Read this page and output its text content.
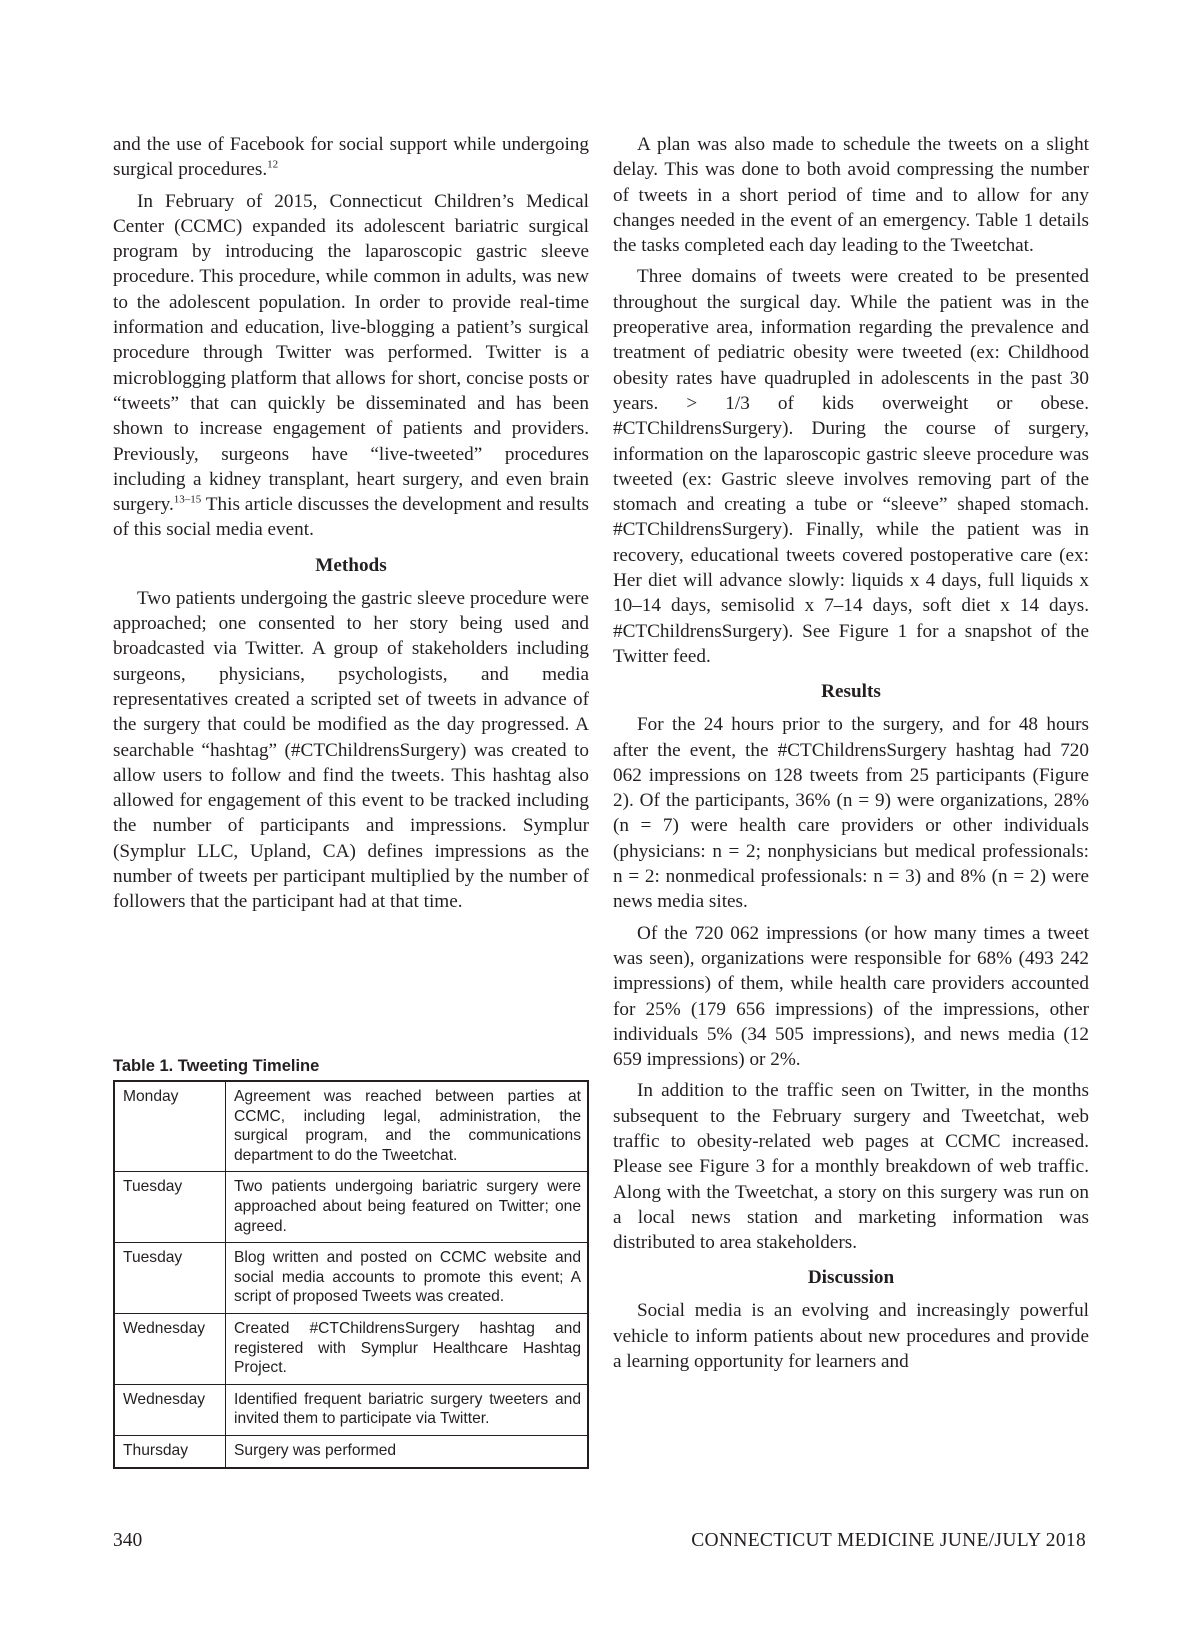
and the use of Facebook for social support while undergoing surgical procedures.$^{12}$

In February of 2015, Connecticut Children’s Medical Center (CCMC) expanded its adolescent bariatric surgical program by introducing the laparoscopic gastric sleeve procedure. This procedure, while common in adults, was new to the adolescent population. In order to provide real-time information and education, live-blogging a patient’s surgical procedure through Twitter was performed. Twitter is a microblogging platform that allows for short, concise posts or “tweets” that can quickly be disseminated and has been shown to increase engagement of patients and providers. Previously, surgeons have “live-tweeted” procedures including a kidney transplant, heart surgery, and even brain surgery.$^{13-15}$ This article discusses the development and results of this social media event.

Methods

Two patients undergoing the gastric sleeve procedure were approached; one consented to her story being used and broadcasted via Twitter. A group of stakeholders including surgeons, physicians, psychologists, and media representatives created a scripted set of tweets in advance of the surgery that could be modified as the day progressed. A searchable “hashtag” (#CTChildrensSurgery) was created to allow users to follow and find the tweets. This hashtag also allowed for engagement of this event to be tracked including the number of participants and impressions. Symplur (Symplur LLC, Upland, CA) defines impressions as the number of tweets per participant multiplied by the number of followers that the participant had at that time.

Table 1. Tweeting Timeline
Monday	Agreement was reached between parties at CCMC, including legal, administration, the surgical program, and the communications department to do the Tweetchat.
Tuesday	Two patients undergoing bariatric surgery were approached about being featured on Twitter; one agreed.
Tuesday	Blog written and posted on CCMC website and social media accounts to promote this event; A script of proposed Tweets was created.
Wednesday	Created #CTChildrensSurgery hashtag and registered with Symplur Healthcare Hashtag Project.
Wednesday	Identified frequent bariatric surgery tweeters and invited them to participate via Twitter.
Thursday	Surgery was performed

A plan was also made to schedule the tweets on a slight delay. This was done to both avoid compressing the number of tweets in a short period of time and to allow for any changes needed in the event of an emergency. Table 1 details the tasks completed each day leading to the Tweetchat.

Three domains of tweets were created to be presented throughout the surgical day. While the patient was in the preoperative area, information regarding the prevalence and treatment of pediatric obesity were tweeted (ex: Childhood obesity rates have quadrupled in adolescents in the past 30 years. > 1/3 of kids overweight or obese. #CTChildrensSurgery). During the course of surgery, information on the laparoscopic gastric sleeve procedure was tweeted (ex: Gastric sleeve involves removing part of the stomach and creating a tube or “sleeve” shaped stomach. #CTChildrensSurgery). Finally, while the patient was in recovery, educational tweets covered postoperative care (ex: Her diet will advance slowly: liquids x 4 days, full liquids x 10–14 days, semisolid x 7–14 days, soft diet x 14 days. #CTChildrensSurgery). See Figure 1 for a snapshot of the Twitter feed.

Results

For the 24 hours prior to the surgery, and for 48 hours after the event, the #CTChildrensSurgery hashtag had 720 062 impressions on 128 tweets from 25 participants (Figure 2). Of the participants, 36% (n = 9) were organizations, 28% (n = 7) were health care providers or other individuals (physicians: n = 2; nonphysicians but medical professionals: n = 2: nonmedical professionals: n = 3) and 8% (n = 2) were news media sites.

Of the 720 062 impressions (or how many times a tweet was seen), organizations were responsible for 68% (493 242 impressions) of them, while health care providers accounted for 25% (179 656 impressions) of the impressions, other individuals 5% (34 505 impressions), and news media (12 659 impressions) or 2%.

In addition to the traffic seen on Twitter, in the months subsequent to the February surgery and Tweetchat, web traffic to obesity-related web pages at CCMC increased. Please see Figure 3 for a monthly breakdown of web traffic. Along with the Tweetchat, a story on this surgery was run on a local news station and marketing information was distributed to area stakeholders.

Discussion

Social media is an evolving and increasingly powerful vehicle to inform patients about new procedures and provide a learning opportunity for learners and

340	CONNECTICUT MEDICINE JUNE/JULY 2018
